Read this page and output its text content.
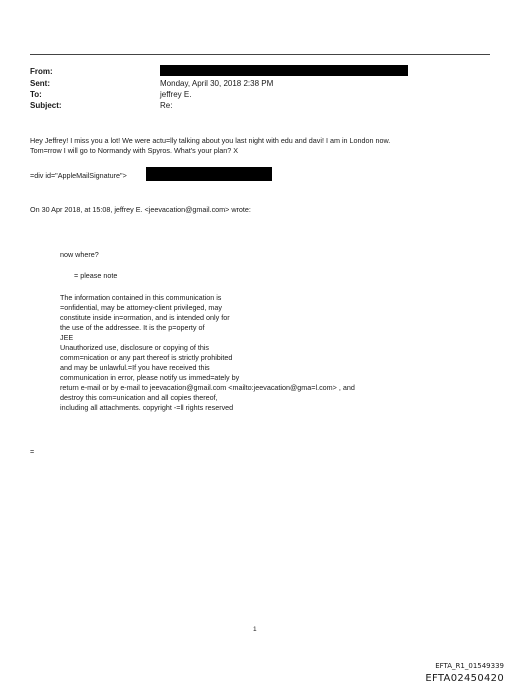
From:
Sent:	Monday, April 30, 2018 2:38 PM
To:	jeffrey E.
Subject:	Re:
Hey Jeffrey! I miss you a lot! We were actu=lly talking about you last night with edu and davi! I am in London now.
Tom=rrow I will go to Normandy with Spyros. What's your plan? X
=div id="AppleMailSignature">
On 30 Apr 2018, at 15:08, jeffrey E. <jeevacation@gmail.com> wrote:
now where?
= please note
The information contained in this communication is
=onfidential, may be attorney-client privileged, may
constitute inside in=ormation, and is intended only for
the use of the addressee. It is the p=operty of
JEE
Unauthorized use, disclosure or copying of this
comm=nication or any part thereof is strictly prohibited
and may be unlawful.=If you have received this
communication in error, please notify us immed=ately by
return e-mail or by e-mail to jeevacation@gmail.com <mailto:jeevacation@gma=l.com> , and
destroy this com=unication and all copies thereof,
including all attachments. copyright -=ll rights reserved
=
1
EFTA_R1_01549339
EFTA02450420
